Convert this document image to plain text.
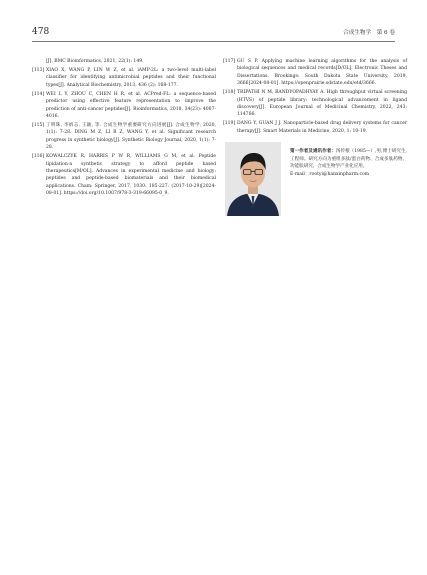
478	合成生物学　第 6 卷
[J]. BMC Bioinformatics, 2021, 22(1): 149.
[113] XIAO X, WANG P, LIN W Z, et al. iAMP-2L: a two-level multi-label classifier for identifying antimicrobial peptides and their functional types[J]. Analytical Biochemistry, 2013, 436 (2): 168-177.
[114] WEI L Y, ZHOU C, CHEN H R, et al. ACPred-FL: a sequence-based predictor using effective feature representation to improve the prediction of anti-cancer peptides[J]. Bioinformatics, 2018, 34(23): 4007-4016.
[115] 丁明珠, 李炳志, 王颖, 等. 合成生物学重要研究方向进展[J]. 合成生物学, 2020, 1(1): 7-28. DING M Z, LI B Z, WANG Y, et al. Significant research progress in synthetic biology[J]. Synthetic Biology Journal, 2020, 1(1): 7-28.
[116] KOWALCZYK R, HARRIS P W R, WILLIAMS G M, et al. Peptide lipidation-a synthetic strategy to afford peptide based therapeutics[M/OL]. Advances in experimental medicine and biology: peptides and peptide-based biomaterials and their biomedical applications. Cham: Springer, 2017, 1030: 185-227. (2017-10-29)[2024-08-01]. https://doi.org/10.1007/978-3-319-66095-0_9.
[117] GU S P. Applying machine learning algorithms for the analysis of biological sequences and medical records[D/OL]. Electronic Theses and Dissertations. Brookings: South Dakota State University, 2019, 3666[2024-08-01]. https://openprairie.sdstate.edu/etd/3666.
[118] TRIPATHI N M, BANDYOPADHYAY A. High throughput virtual screening (HTVS) of peptide library: technological advancement in ligand discovery[J]. European Journal of Medicinal Chemistry, 2022, 243: 114766.
[119] DANG Y, GUAN J J. Nanoparticle-based drug delivery systems for cancer therapy[J]. Smart Materials in Medicine, 2020, 1: 10-19.
第一作者及通讯作者：汤传根（1985—）,男,博士研究生,工程师。研究方向为重组多肽/蛋白药物、合成多肽药物、功能肽研究、合成生物学产业化应用。
E-mail：rootyi@hanxinpharm.com
